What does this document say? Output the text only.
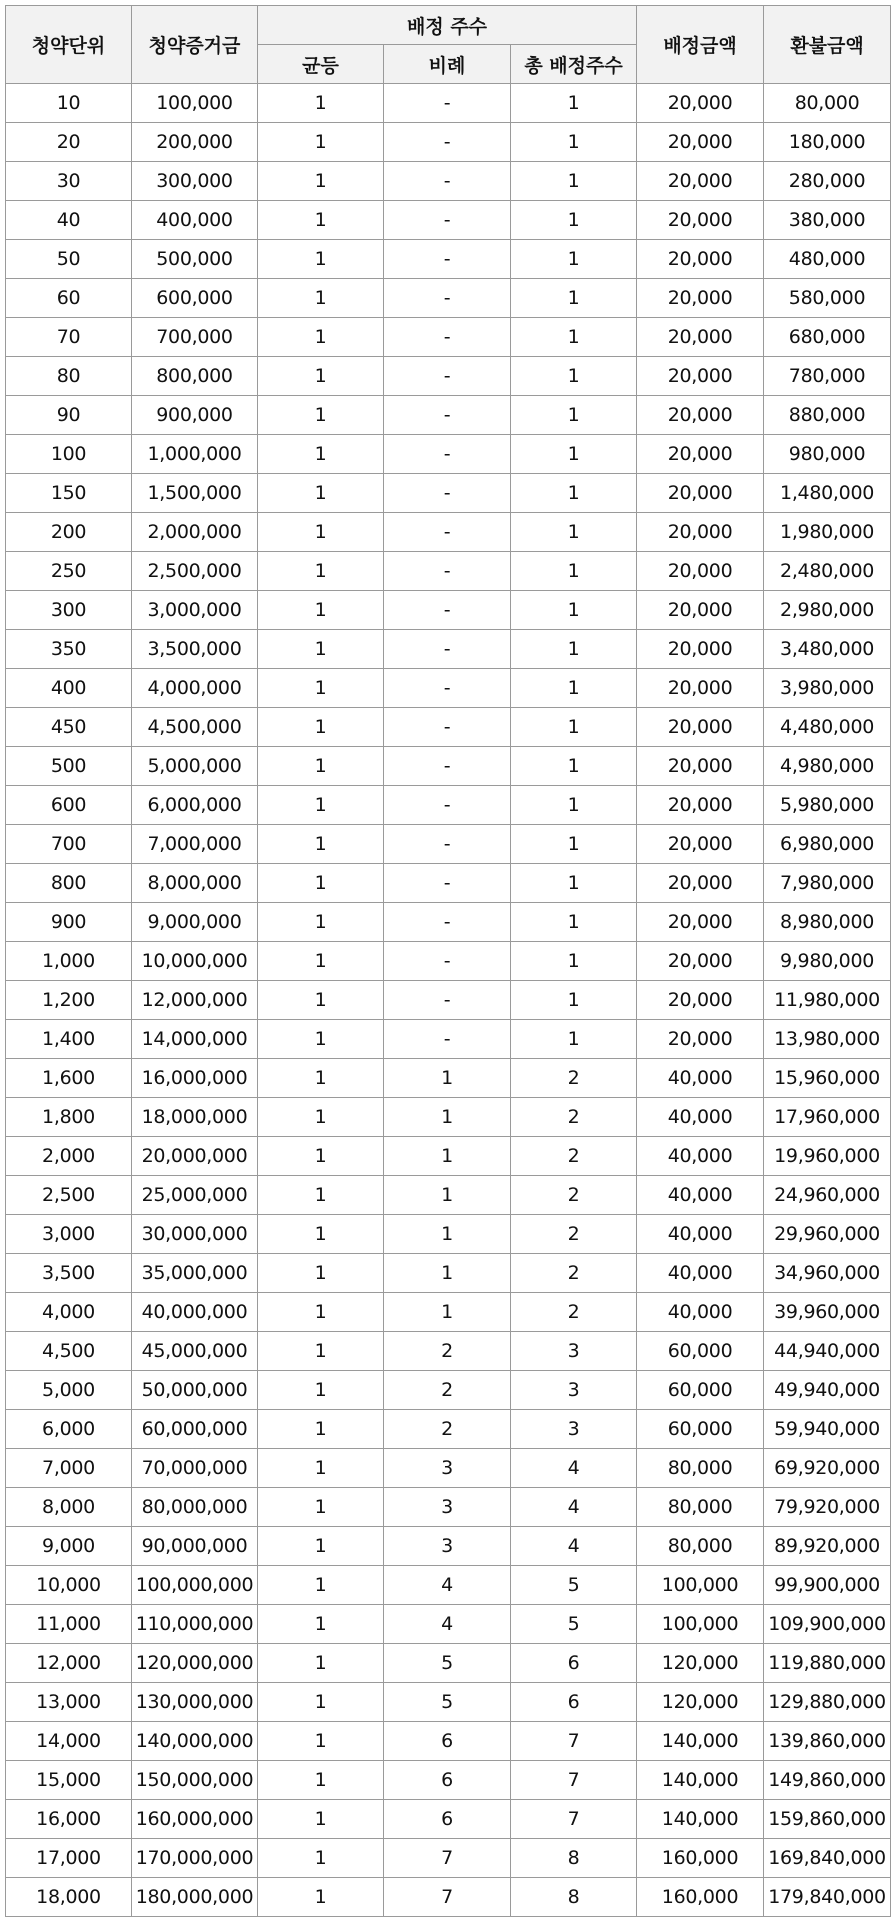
청약단위	청약증거금	배정 주수			배정금액	환불금액
		균등	비례	총 배정주수		
10	100,000	1	-	1	20,000	80,000
20	200,000	1	-	1	20,000	180,000
30	300,000	1	-	1	20,000	280,000
40	400,000	1	-	1	20,000	380,000
50	500,000	1	-	1	20,000	480,000
60	600,000	1	-	1	20,000	580,000
70	700,000	1	-	1	20,000	680,000
80	800,000	1	-	1	20,000	780,000
90	900,000	1	-	1	20,000	880,000
100	1,000,000	1	-	1	20,000	980,000
150	1,500,000	1	-	1	20,000	1,480,000
200	2,000,000	1	-	1	20,000	1,980,000
250	2,500,000	1	-	1	20,000	2,480,000
300	3,000,000	1	-	1	20,000	2,980,000
350	3,500,000	1	-	1	20,000	3,480,000
400	4,000,000	1	-	1	20,000	3,980,000
450	4,500,000	1	-	1	20,000	4,480,000
500	5,000,000	1	-	1	20,000	4,980,000
600	6,000,000	1	-	1	20,000	5,980,000
700	7,000,000	1	-	1	20,000	6,980,000
800	8,000,000	1	-	1	20,000	7,980,000
900	9,000,000	1	-	1	20,000	8,980,000
1,000	10,000,000	1	-	1	20,000	9,980,000
1,200	12,000,000	1	-	1	20,000	11,980,000
1,400	14,000,000	1	-	1	20,000	13,980,000
1,600	16,000,000	1	1	2	40,000	15,960,000
1,800	18,000,000	1	1	2	40,000	17,960,000
2,000	20,000,000	1	1	2	40,000	19,960,000
2,500	25,000,000	1	1	2	40,000	24,960,000
3,000	30,000,000	1	1	2	40,000	29,960,000
3,500	35,000,000	1	1	2	40,000	34,960,000
4,000	40,000,000	1	1	2	40,000	39,960,000
4,500	45,000,000	1	2	3	60,000	44,940,000
5,000	50,000,000	1	2	3	60,000	49,940,000
6,000	60,000,000	1	2	3	60,000	59,940,000
7,000	70,000,000	1	3	4	80,000	69,920,000
8,000	80,000,000	1	3	4	80,000	79,920,000
9,000	90,000,000	1	3	4	80,000	89,920,000
10,000	100,000,000	1	4	5	100,000	99,900,000
11,000	110,000,000	1	4	5	100,000	109,900,000
12,000	120,000,000	1	5	6	120,000	119,880,000
13,000	130,000,000	1	5	6	120,000	129,880,000
14,000	140,000,000	1	6	7	140,000	139,860,000
15,000	150,000,000	1	6	7	140,000	149,860,000
16,000	160,000,000	1	6	7	140,000	159,860,000
17,000	170,000,000	1	7	8	160,000	169,840,000
18,000	180,000,000	1	7	8	160,000	179,840,000
